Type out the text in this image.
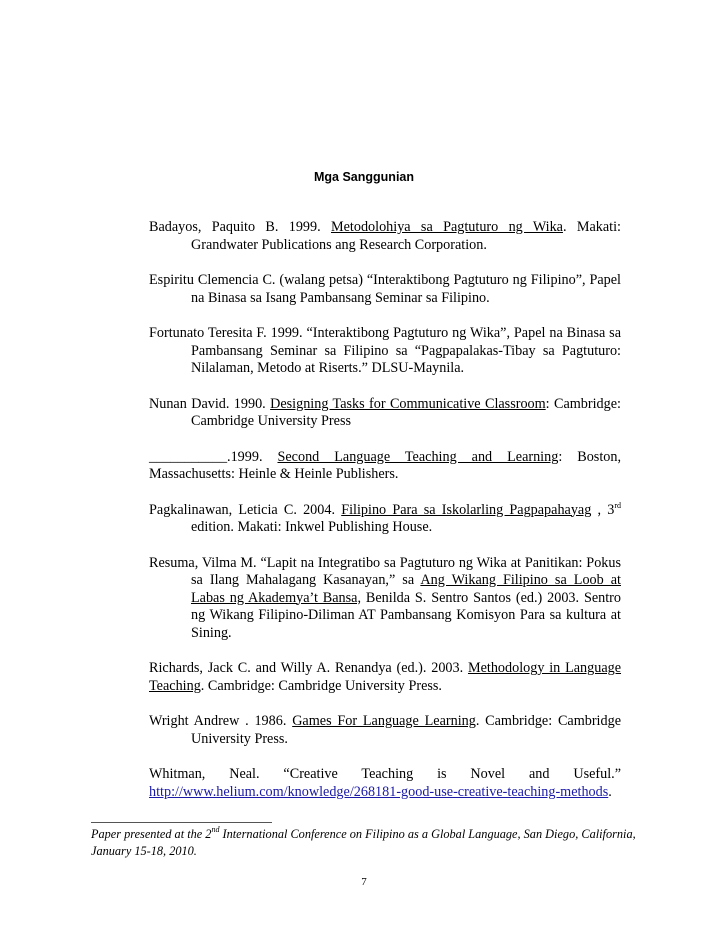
Mga Sanggunian

Badayos, Paquito B. 1999. Metodolohiya sa Pagtuturo ng Wika. Makati: Grandwater Publications ang Research Corporation.

Espiritu Clemencia C. (walang petsa) “Interaktibong Pagtuturo ng Filipino”, Papel na Binasa sa Isang Pambansang Seminar sa Filipino.

Fortunato Teresita F. 1999. “Interaktibong Pagtuturo ng Wika”, Papel na Binasa sa Pambansang Seminar sa Filipino sa “Pagpapalakas-Tibay sa Pagtuturo: Nilalaman, Metodo at Riserts.” DLSU-Maynila.

Nunan David. 1990. Designing Tasks for Communicative Classroom: Cambridge: Cambridge University Press

___________.1999. Second Language Teaching and Learning: Boston, Massachusetts: Heinle & Heinle Publishers.

Pagkalinawan, Leticia C. 2004. Filipino Para sa Iskolarling Pagpapahayag , 3rd edition. Makati: Inkwel Publishing House.

Resuma, Vilma M. “Lapit na Integratibo sa Pagtuturo ng Wika at Panitikan: Pokus sa Ilang Mahalagang Kasanayan,” sa Ang Wikang Filipino sa Loob at Labas ng Akademya’t Bansa, Benilda S. Sentro Santos (ed.) 2003. Sentro ng Wikang Filipino-Diliman AT Pambansang Komisyon Para sa kultura at Sining.

Richards, Jack C. and Willy A. Renandya (ed.). 2003. Methodology in Language Teaching. Cambridge: Cambridge University Press.

Wright Andrew . 1986. Games For Language Learning. Cambridge: Cambridge University Press.

Whitman, Neal. “Creative Teaching is Novel and Useful.” http://www.helium.com/knowledge/268181-good-use-creative-teaching-methods.

Paper presented at the 2nd International Conference on Filipino as a Global Language, San Diego, California, January 15-18, 2010.
7
